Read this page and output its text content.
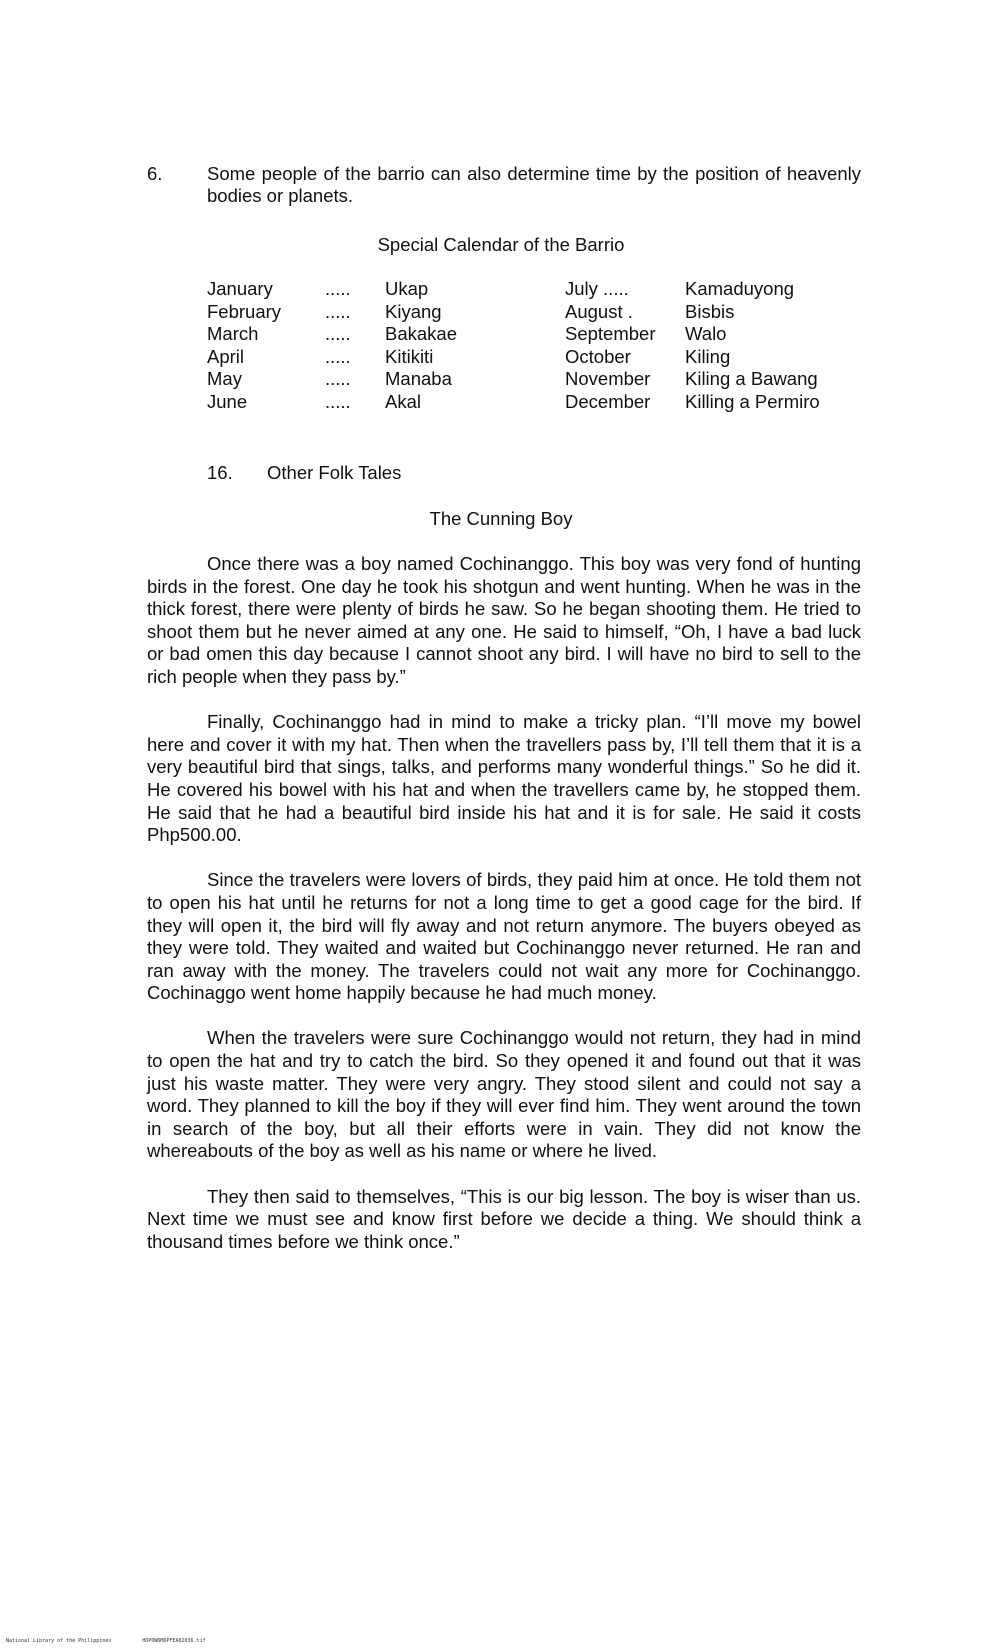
6. Some people of the barrio can also determine time by the position of heavenly bodies or planets.
Special Calendar of the Barrio
January	..... Ukap	July .....	Kamaduyong
February ..... Kiyang	August .	Bisbis
March	..... Bakakae	September Walo
April	..... Kitikiti	October	Kiling
May	..... Manaba	November Kiling a Bawang
June	..... Akal	December Killing a Permiro
16. Other Folk Tales
The Cunning Boy

Once there was a boy named Cochinanggo. This boy was very fond of hunting birds in the forest. One day he took his shotgun and went hunting. When he was in the thick forest, there were plenty of birds he saw. So he began shooting them. He tried to shoot them but he never aimed at any one. He said to himself, “Oh, I have a bad luck or bad omen this day because I cannot shoot any bird. I will have no bird to sell to the rich people when they pass by.”

Finally, Cochinanggo had in mind to make a tricky plan. “I’ll move my bowel here and cover it with my hat. Then when the travellers pass by, I’ll tell them that it is a very beautiful bird that sings, talks, and performs many wonderful things.” So he did it. He covered his bowel with his hat and when the travellers came by, he stopped them. He said that he had a beautiful bird inside his hat and it is for sale. He said it costs Php500.00.

Since the travelers were lovers of birds, they paid him at once. He told them not to open his hat until he returns for not a long time to get a good cage for the bird. If they will open it, the bird will fly away and not return anymore. The buyers obeyed as they were told. They waited and waited but Cochinanggo never returned. He ran and ran away with the money. The travelers could not wait any more for Cochinanggo. Cochinaggo went home happily because he had much money.

When the travelers were sure Cochinanggo would not return, they had in mind to open the hat and try to catch the bird. So they opened it and found out that it was just his waste matter. They were very angry. They stood silent and could not say a word. They planned to kill the boy if they will ever find him. They went around the town in search of the boy, but all their efforts were in vain. They did not know the whereabouts of the boy as well as his name or where he lived.

They then said to themselves, “This is our big lesson. The boy is wiser than us. Next time we must see and know first before we decide a thing. We should think a thousand times before we think once.”

National Library of the Philippines	HDPOWDMDPFEA02036.tif
